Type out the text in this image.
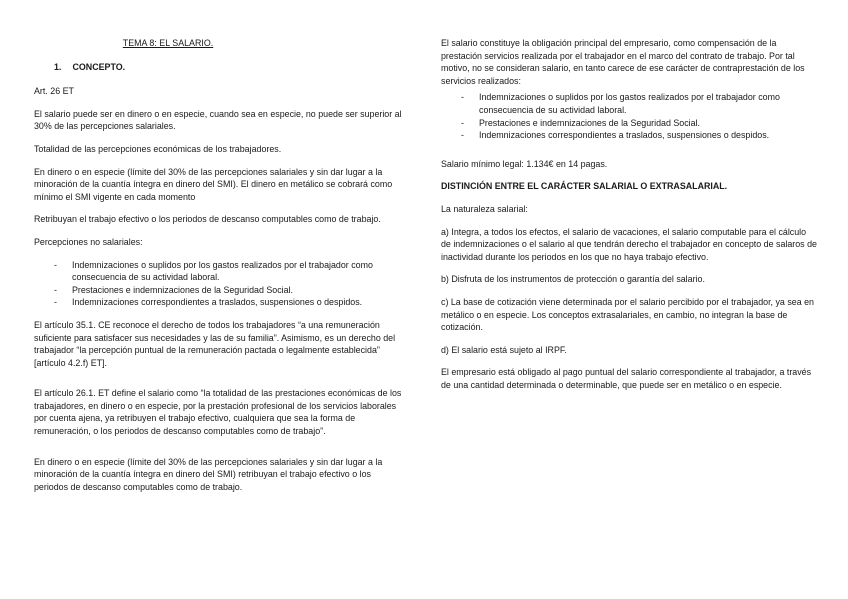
TEMA 8: EL SALARIO.
1. CONCEPTO.

Art. 26 ET

El salario puede ser en dinero o en especie, cuando sea en especie, no puede ser superior al 30% de las percepciones salariales.

Totalidad de las percepciones económicas de los trabajadores.

En dinero o en especie (límite del 30% de las percepciones salariales y sin dar lugar a la minoración de la cuantía íntegra en dinero del SMI). El dinero en metálico se cobrará como mínimo el SMI vigente en cada momento

Retribuyan el trabajo efectivo o los periodos de descanso computables como de trabajo.

Percepciones no salariales:

- Indemnizaciones o suplidos por los gastos realizados por el trabajador como consecuencia de su actividad laboral.
- Prestaciones e indemnizaciones de la Seguridad Social.
- Indemnizaciones correspondientes a traslados, suspensiones o despidos.

El artículo 35.1. CE reconoce el derecho de todos los trabajadores “a una remuneración suficiente para satisfacer sus necesidades y las de su familia”. Asimismo, es un derecho del trabajador “la percepción puntual de la remuneración pactada o legalmente establecida” [artículo 4.2.f) ET].

El artículo 26.1. ET define el salario como “la totalidad de las prestaciones económicas de los trabajadores, en dinero o en especie, por la prestación profesional de los servicios laborales por cuenta ajena, ya retribuyen el trabajo efectivo, cualquiera que sea la forma de remuneración, o los periodos de descanso computables como de trabajo”.

En dinero o en especie (límite del 30% de las percepciones salariales y sin dar lugar a la minoración de la cuantía íntegra en dinero del SMI) retribuyan el trabajo efectivo o los periodos de descanso computables como de trabajo.

El salario constituye la obligación principal del empresario, como compensación de la prestación servicios realizada por el trabajador en el marco del contrato de trabajo. Por tal motivo, no se consideran salario, en tanto carece de ese carácter de contraprestación de los servicios realizados:

- Indemnizaciones o suplidos por los gastos realizados por el trabajador como consecuencia de su actividad laboral.
- Prestaciones e indemnizaciones de la Seguridad Social.
- Indemnizaciones correspondientes a traslados, suspensiones o despidos.

Salario mínimo legal: 1.134€ en 14 pagas.

DISTINCIÓN ENTRE EL CARÁCTER SALARIAL O EXTRASALARIAL.

La naturaleza salarial:

a) Integra, a todos los efectos, el salario de vacaciones, el salario computable para el cálculo de indemnizaciones o el salario al que tendrán derecho el trabajador en concepto de salaros de inactividad durante los periodos en los que no haya trabajo efectivo.

b) Disfruta de los instrumentos de protección o garantía del salario.

c) La base de cotización viene determinada por el salario percibido por el trabajador, ya sea en metálico o en especie. Los conceptos extrasalariales, en cambio, no integran la base de cotización.

d) El salario está sujeto al IRPF.

El empresario está obligado al pago puntual del salario correspondiente al trabajador, a través de una cantidad determinada o determinable, que puede ser en metálico o en especie.
